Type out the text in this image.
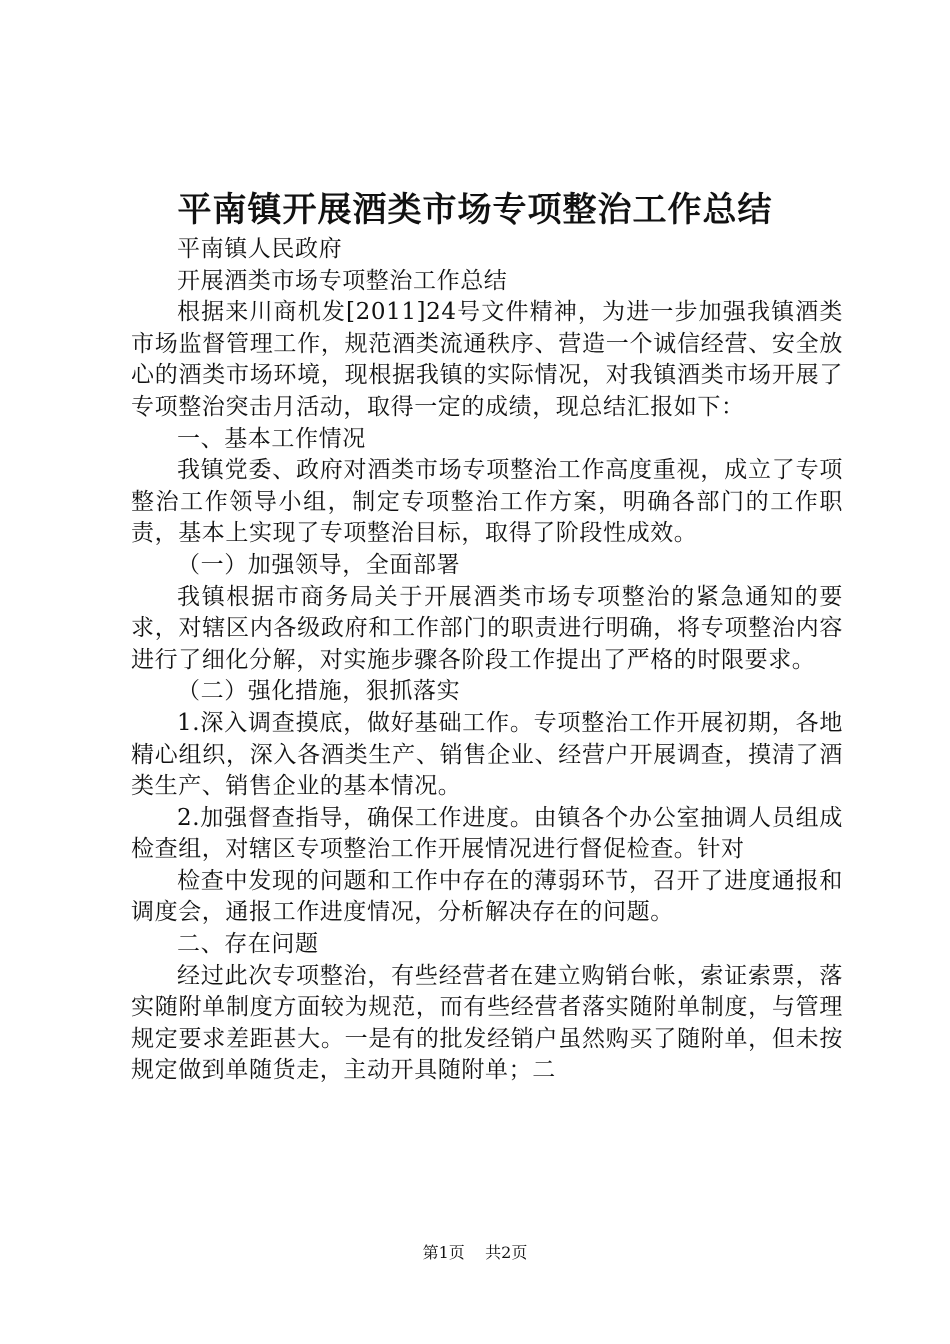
平南镇开展酒类市场专项整治工作总结

平南镇人民政府

开展酒类市场专项整治工作总结

根据来川商机发[2011]24号文件精神，为进一步加强我镇酒类市场监督管理工作，规范酒类流通秩序、营造一个诚信经营、安全放心的酒类市场环境，现根据我镇的实际情况，对我镇酒类市场开展了专项整治突击月活动，取得一定的成绩，现总结汇报如下：

一、基本工作情况

我镇党委、政府对酒类市场专项整治工作高度重视，成立了专项整治工作领导小组，制定专项整治工作方案，明确各部门的工作职责，基本上实现了专项整治目标，取得了阶段性成效。

（一）加强领导，全面部署

我镇根据市商务局关于开展酒类市场专项整治的紧急通知的要求，对辖区内各级政府和工作部门的职责进行明确，将专项整治内容进行了细化分解，对实施步骤各阶段工作提出了严格的时限要求。

（二）强化措施，狠抓落实

1.深入调查摸底，做好基础工作。专项整治工作开展初期，各地精心组织，深入各酒类生产、销售企业、经营户开展调查，摸清了酒类生产、销售企业的基本情况。

2.加强督查指导，确保工作进度。由镇各个办公室抽调人员组成检查组，对辖区专项整治工作开展情况进行督促检查。针对

检查中发现的问题和工作中存在的薄弱环节，召开了进度通报和调度会，通报工作进度情况，分析解决存在的问题。

二、存在问题

经过此次专项整治，有些经营者在建立购销台帐，索证索票，落实随附单制度方面较为规范，而有些经营者落实随附单制度，与管理规定要求差距甚大。一是有的批发经销户虽然购买了随附单，但未按规定做到单随货走，主动开具随附单；二

第1页 共2页
